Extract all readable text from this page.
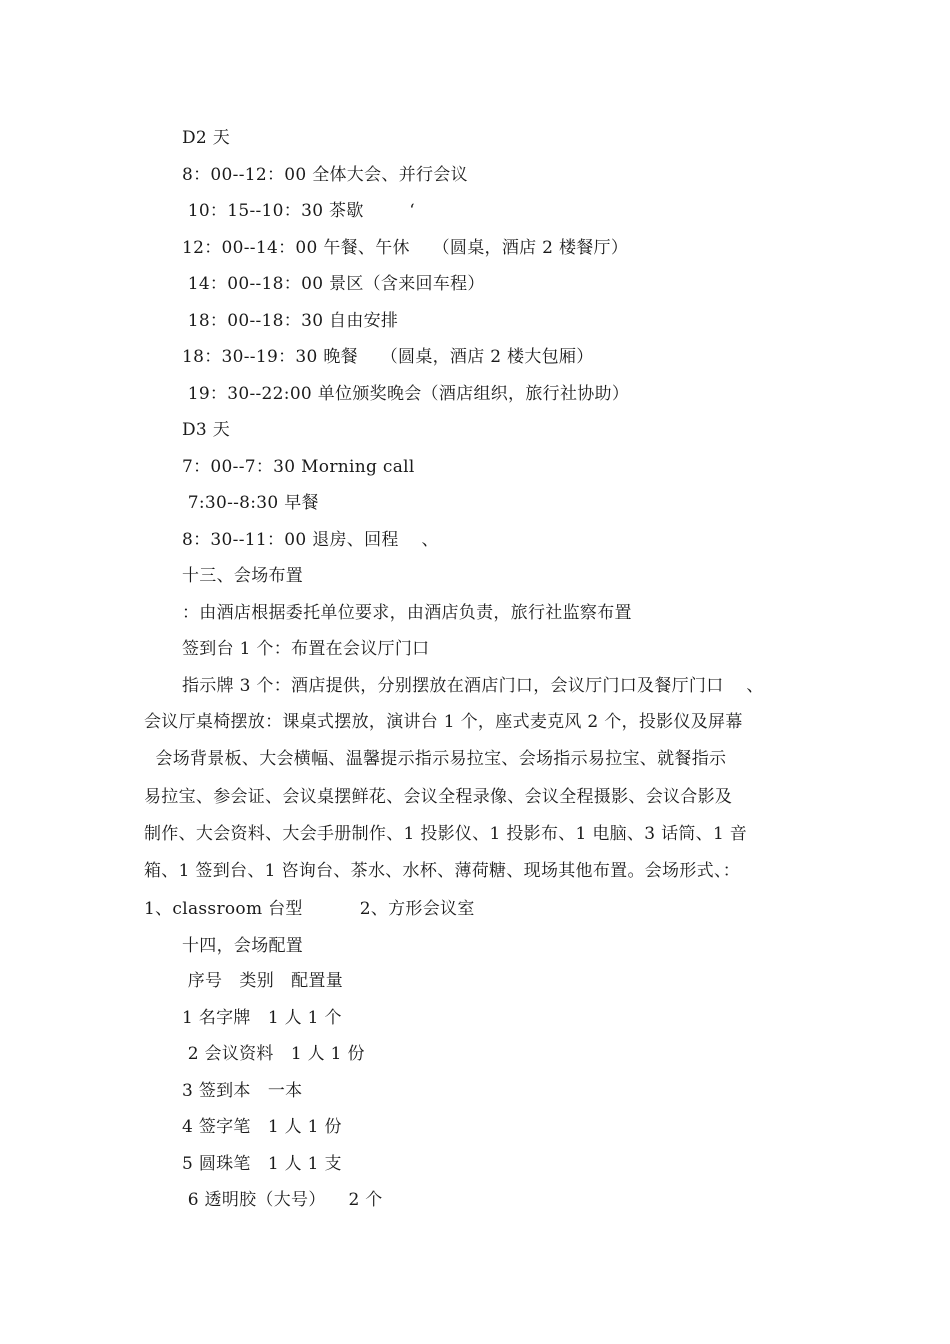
D2 天
8：00--12：00 全体大会、并行会议
10：15--10：30 茶歇        ‘
12：00--14：00 午餐、午休    （圆桌，酒店 2 楼餐厅）
14：00--18：00 景区（含来回车程）
18：00--18：30 自由安排
18：30--19：30 晚餐    （圆桌，酒店 2 楼大包厢）
19：30--22:00 单位颁奖晚会（酒店组织，旅行社协助）
D3 天
7：00--7：30 Morning call
7:30--8:30 早餐
8：30--11：00 退房、回程    、
十三、会场布置
：由酒店根据委托单位要求，由酒店负责，旅行社监察布置
签到台 1 个：布置在会议厅门口
指示牌 3 个：酒店提供，分别摆放在酒店门口，会议厅门口及餐厅门口    、
会议厅桌椅摆放：课桌式摆放，演讲台 1 个，座式麦克风 2 个，投影仪及屏幕
会场背景板、大会横幅、温馨提示指示易拉宝、会场指示易拉宝、就餐指示
易拉宝、参会证、会议桌摆鲜花、会议全程录像、会议全程摄影、会议合影及
制作、大会资料、大会手册制作、1 投影仪、1 投影布、1 电脑、3 话筒、1 音
箱、1 签到台、1 咨询台、茶水、水杯、薄荷糖、现场其他布置。会场形式、：
1、classroom 台型          2、方形会议室
十四，会场配置
序号   类别   配置量
1 名字牌   1 人 1 个
2 会议资料   1 人 1 份
3 签到本   一本
4 签字笔   1 人 1 份
5 圆珠笔   1 人 1 支
6 透明胶（大号）    2 个
